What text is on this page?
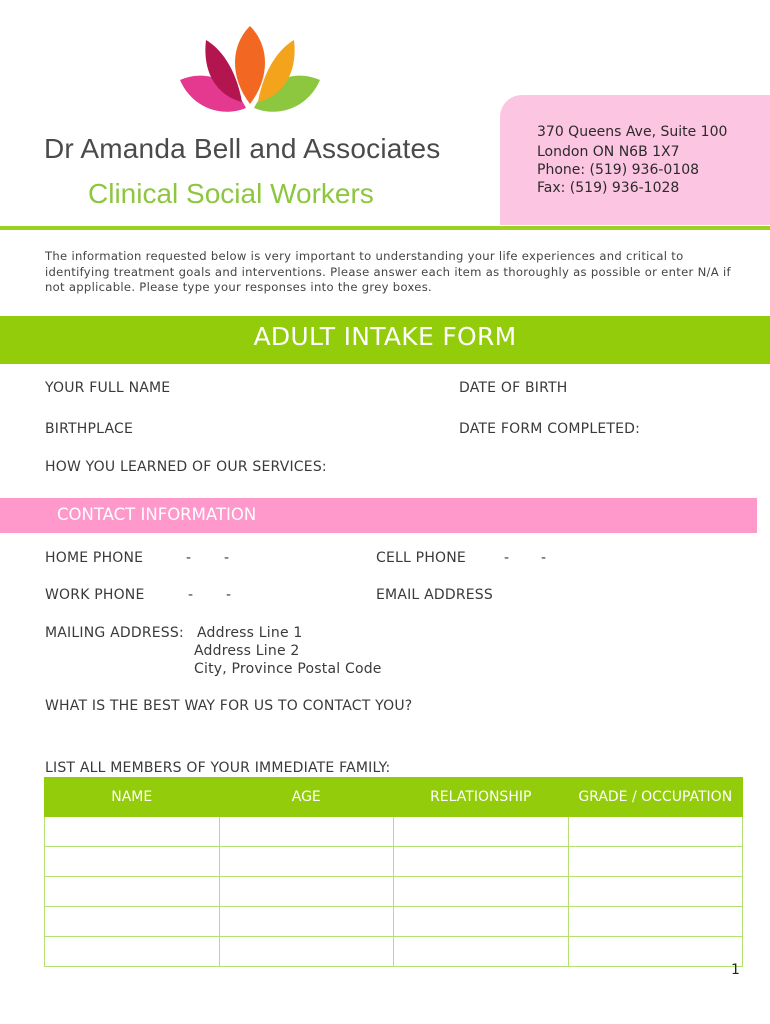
Dr Amanda Bell and Associates
Clinical Social Workers
370 Queens Ave, Suite 100
London ON N6B 1X7
Phone: (519) 936-0108
Fax: (519) 936-1028
The information requested below is very important to understanding your life experiences and critical to identifying treatment goals and interventions. Please answer each item as thoroughly as possible or enter N/A if not applicable. Please type your responses into the grey boxes.
ADULT INTAKE FORM
YOUR FULL NAME	DATE OF BIRTH
BIRTHPLACE	DATE FORM COMPLETED:
HOW YOU LEARNED OF OUR SERVICES:
CONTACT INFORMATION
HOME PHONE	- -	CELL PHONE	- -
WORK PHONE	- -	EMAIL ADDRESS
MAILING ADDRESS: Address Line 1
Address Line 2
City, Province Postal Code
WHAT IS THE BEST WAY FOR US TO CONTACT YOU?
LIST ALL MEMBERS OF YOUR IMMEDIATE FAMILY:
NAME	AGE	RELATIONSHIP	GRADE / OCCUPATION

1
